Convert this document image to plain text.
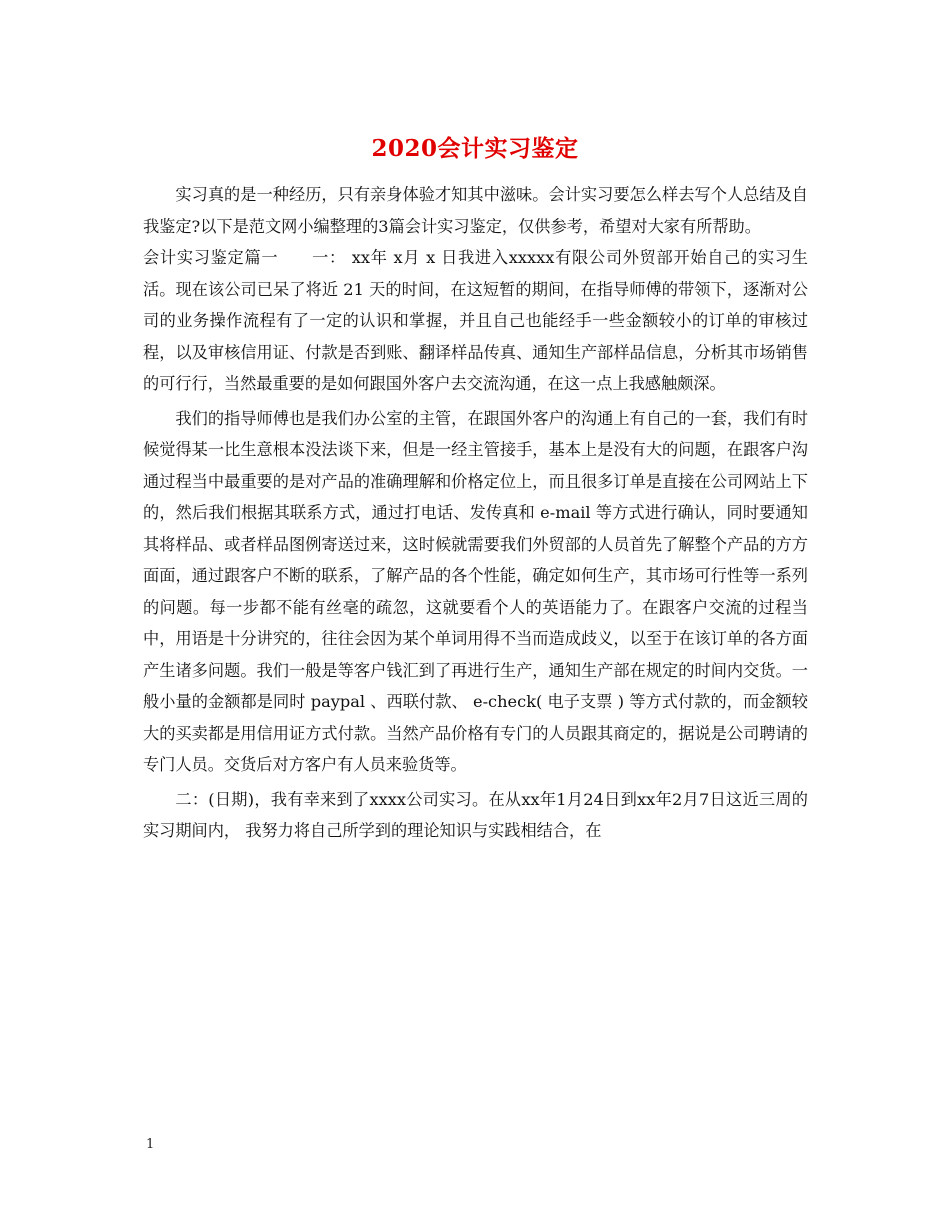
2020会计实习鉴定

实习真的是一种经历，只有亲身体验才知其中滋味。会计实习要怎么样去写个人总结及自我鉴定?以下是范文网小编整理的3篇会计实习鉴定，仅供参考，希望对大家有所帮助。

会计实习鉴定篇一　　一： xx年 x月 x 日我进入xxxxx有限公司外贸部开始自己的实习生活。现在该公司已呆了将近 21 天的时间，在这短暂的期间，在指导师傅的带领下，逐渐对公司的业务操作流程有了一定的认识和掌握，并且自己也能经手一些金额较小的订单的审核过程，以及审核信用证、付款是否到账、翻译样品传真、通知生产部样品信息，分析其市场销售的可行行，当然最重要的是如何跟国外客户去交流沟通，在这一点上我感触颇深。

我们的指导师傅也是我们办公室的主管，在跟国外客户的沟通上有自己的一套，我们有时候觉得某一比生意根本没法谈下来，但是一经主管接手，基本上是没有大的问题，在跟客户沟通过程当中最重要的是对产品的准确理解和价格定位上，而且很多订单是直接在公司网站上下的，然后我们根据其联系方式，通过打电话、发传真和 e-mail 等方式进行确认，同时要通知其将样品、或者样品图例寄送过来，这时候就需要我们外贸部的人员首先了解整个产品的方方面面，通过跟客户不断的联系，了解产品的各个性能，确定如何生产，其市场可行性等一系列的问题。每一步都不能有丝毫的疏忽，这就要看个人的英语能力了。在跟客户交流的过程当中，用语是十分讲究的，往往会因为某个单词用得不当而造成歧义，以至于在该订单的各方面产生诸多问题。我们一般是等客户钱汇到了再进行生产，通知生产部在规定的时间内交货。一般小量的金额都是同时 paypal 、西联付款、 e-check( 电子支票 ) 等方式付款的，而金额较大的买卖都是用信用证方式付款。当然产品价格有专门的人员跟其商定的，据说是公司聘请的专门人员。交货后对方客户有人员来验货等。

二：(日期)，我有幸来到了xxxx公司实习。在从xx年1月24日到xx年2月7日这近三周的实习期间内， 我努力将自己所学到的理论知识与实践相结合，在

1
